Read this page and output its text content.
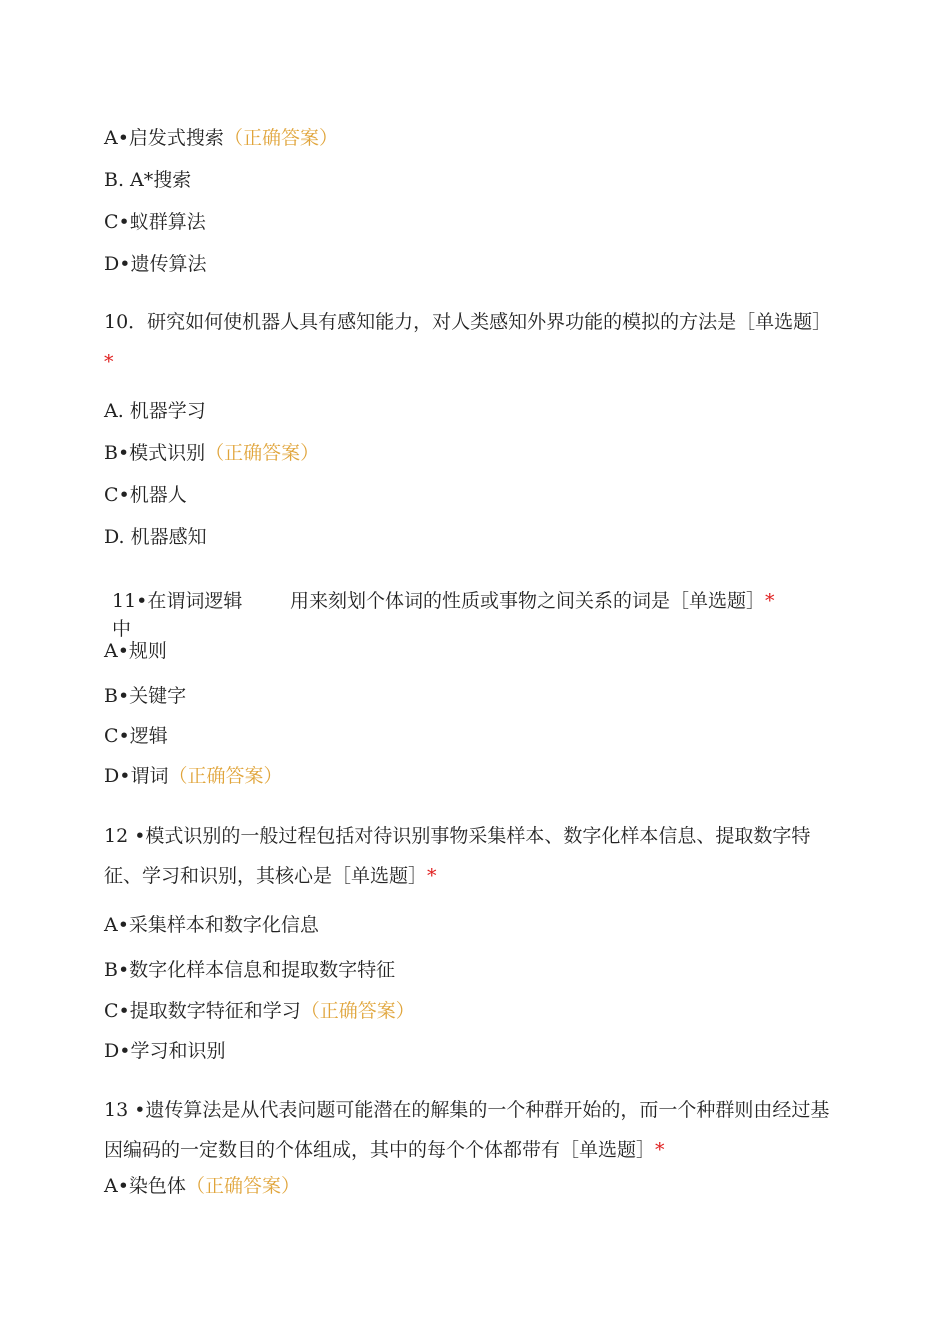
A•启发式搜索（正确答案）
B. A*搜索
C•蚁群算法
D•遗传算法
10．研究如何使机器人具有感知能力，对人类感知外界功能的模拟的方法是［单选题］*
A. 机器学习
B•模式识别（正确答案）
C•机器人
D. 机器感知
11•在谓词逻辑
中
用来刻划个体词的性质或事物之间关系的词是［单选题］*
A•规则
B•关键字
C•逻辑
D•谓词（正确答案）
12 •模式识别的一般过程包括对待识别事物采集样本、数字化样本信息、提取数字特征、学习和识别，其核心是［单选题］*
A•采集样本和数字化信息
B•数字化样本信息和提取数字特征
C•提取数字特征和学习（正确答案）
D•学习和识别
13 •遗传算法是从代表问题可能潜在的解集的一个种群开始的，而一个种群则由经过基因编码的一定数目的个体组成，其中的每个个体都带有［单选题］*
A•染色体（正确答案）
